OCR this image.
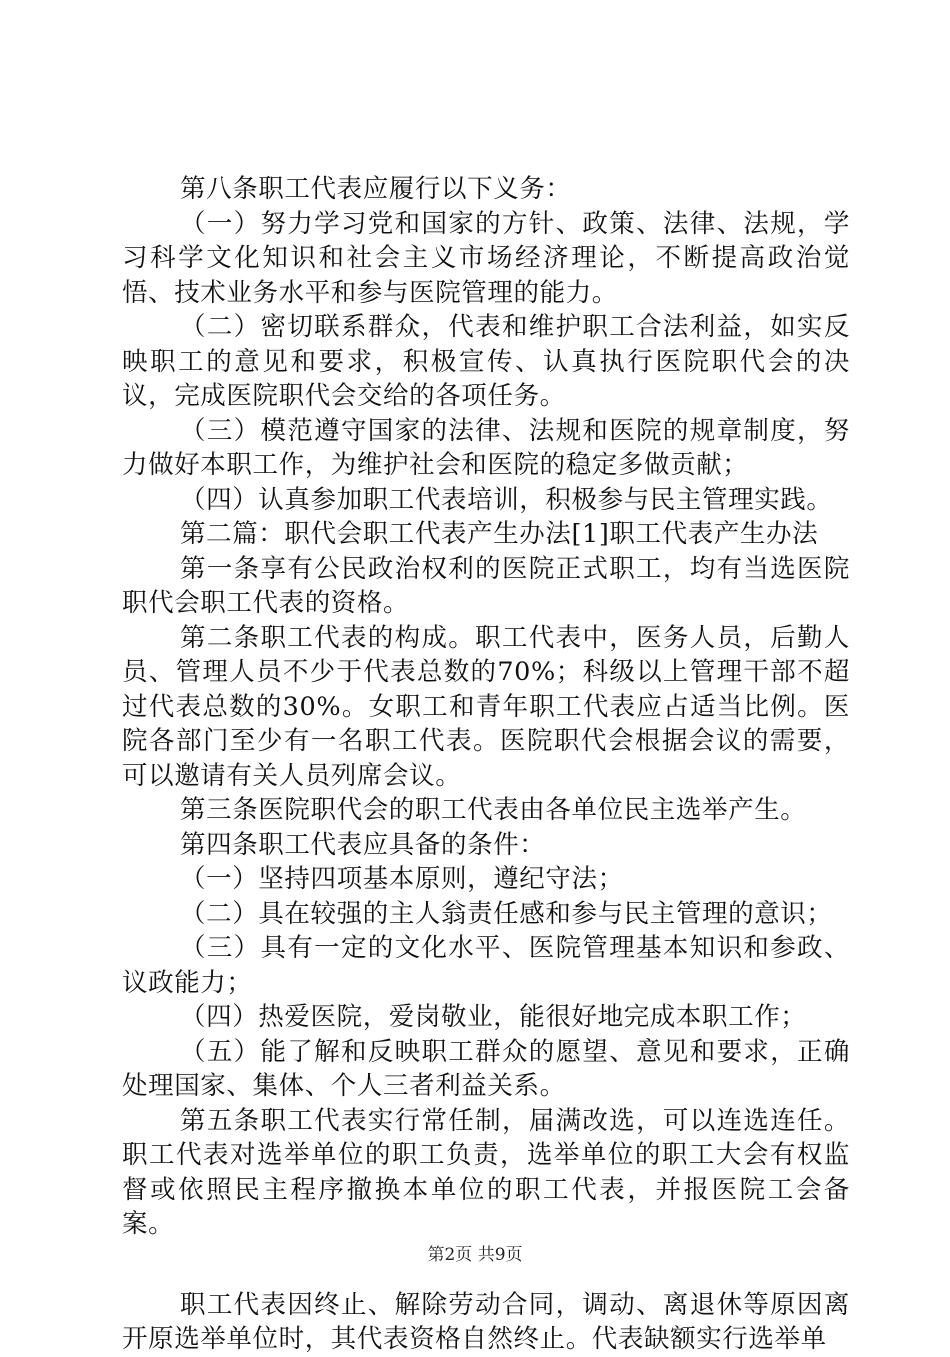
第八条职工代表应履行以下义务：

（一）努力学习党和国家的方针、政策、法律、法规，学习科学文化知识和社会主义市场经济理论，不断提高政治觉悟、技术业务水平和参与医院管理的能力。

（二）密切联系群众，代表和维护职工合法利益，如实反映职工的意见和要求，积极宣传、认真执行医院职代会的决议，完成医院职代会交给的各项任务。

（三）模范遵守国家的法律、法规和医院的规章制度，努力做好本职工作，为维护社会和医院的稳定多做贡献；

（四）认真参加职工代表培训，积极参与民主管理实践。

第二篇：职代会职工代表产生办法[1]职工代表产生办法

第一条享有公民政治权利的医院正式职工，均有当选医院职代会职工代表的资格。

第二条职工代表的构成。职工代表中，医务人员，后勤人员、管理人员不少于代表总数的70%；科级以上管理干部不超过代表总数的30%。女职工和青年职工代表应占适当比例。医院各部门至少有一名职工代表。医院职代会根据会议的需要，可以邀请有关人员列席会议。

第三条医院职代会的职工代表由各单位民主选举产生。

第四条职工代表应具备的条件：

（一）坚持四项基本原则，遵纪守法；

（二）具在较强的主人翁责任感和参与民主管理的意识；

（三）具有一定的文化水平、医院管理基本知识和参政、议政能力；

（四）热爱医院，爱岗敬业，能很好地完成本职工作；

（五）能了解和反映职工群众的愿望、意见和要求，正确处理国家、集体、个人三者利益关系。

第五条职工代表实行常任制，届满改选，可以连选连任。职工代表对选举单位的职工负责，选举单位的职工大会有权监督或依照民主程序撤换本单位的职工代表，并报医院工会备案。

职工代表因终止、解除劳动合同，调动、离退休等原因离开原选举单位时，其代表资格自然终止。代表缺额实行选举单

第2页 共9页
